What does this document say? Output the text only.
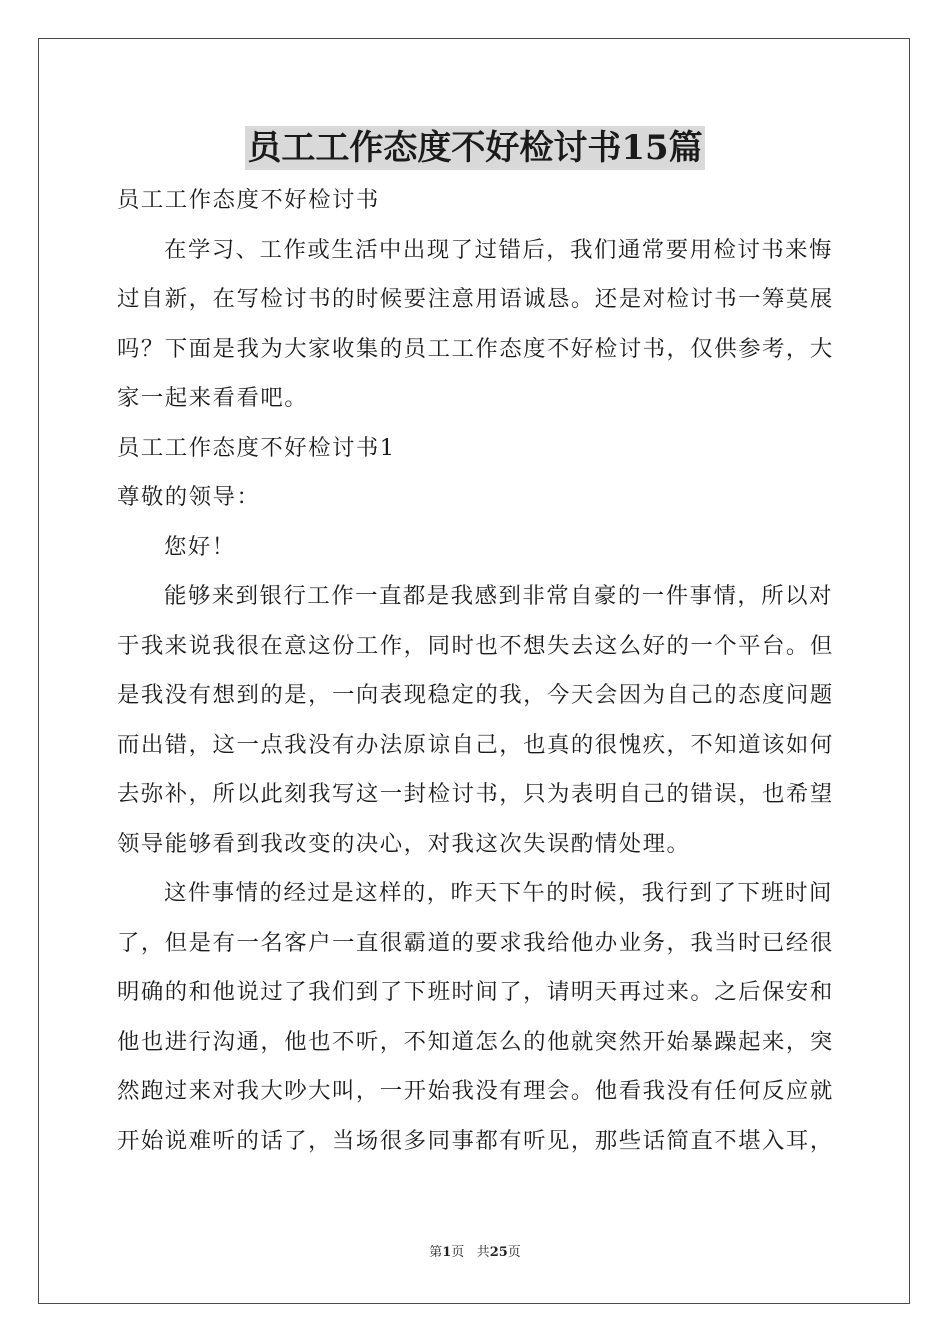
员工工作态度不好检讨书15篇
员工工作态度不好检讨书
在学习、工作或生活中出现了过错后，我们通常要用检讨书来悔
过自新，在写检讨书的时候要注意用语诚恳。还是对检讨书一筹莫展
吗？下面是我为大家收集的员工工作态度不好检讨书，仅供参考，大
家一起来看看吧。
员工工作态度不好检讨书1
尊敬的领导：
您好！
能够来到银行工作一直都是我感到非常自豪的一件事情，所以对
于我来说我很在意这份工作，同时也不想失去这么好的一个平台。但
是我没有想到的是，一向表现稳定的我，今天会因为自己的态度问题
而出错，这一点我没有办法原谅自己，也真的很愧疚，不知道该如何
去弥补，所以此刻我写这一封检讨书，只为表明自己的错误，也希望
领导能够看到我改变的决心，对我这次失误酌情处理。
这件事情的经过是这样的，昨天下午的时候，我行到了下班时间
了，但是有一名客户一直很霸道的要求我给他办业务，我当时已经很
明确的和他说过了我们到了下班时间了，请明天再过来。之后保安和
他也进行沟通，他也不听，不知道怎么的他就突然开始暴躁起来，突
然跑过来对我大吵大叫，一开始我没有理会。他看我没有任何反应就
开始说难听的话了，当场很多同事都有听见，那些话简直不堪入耳，
第1页 共25页
